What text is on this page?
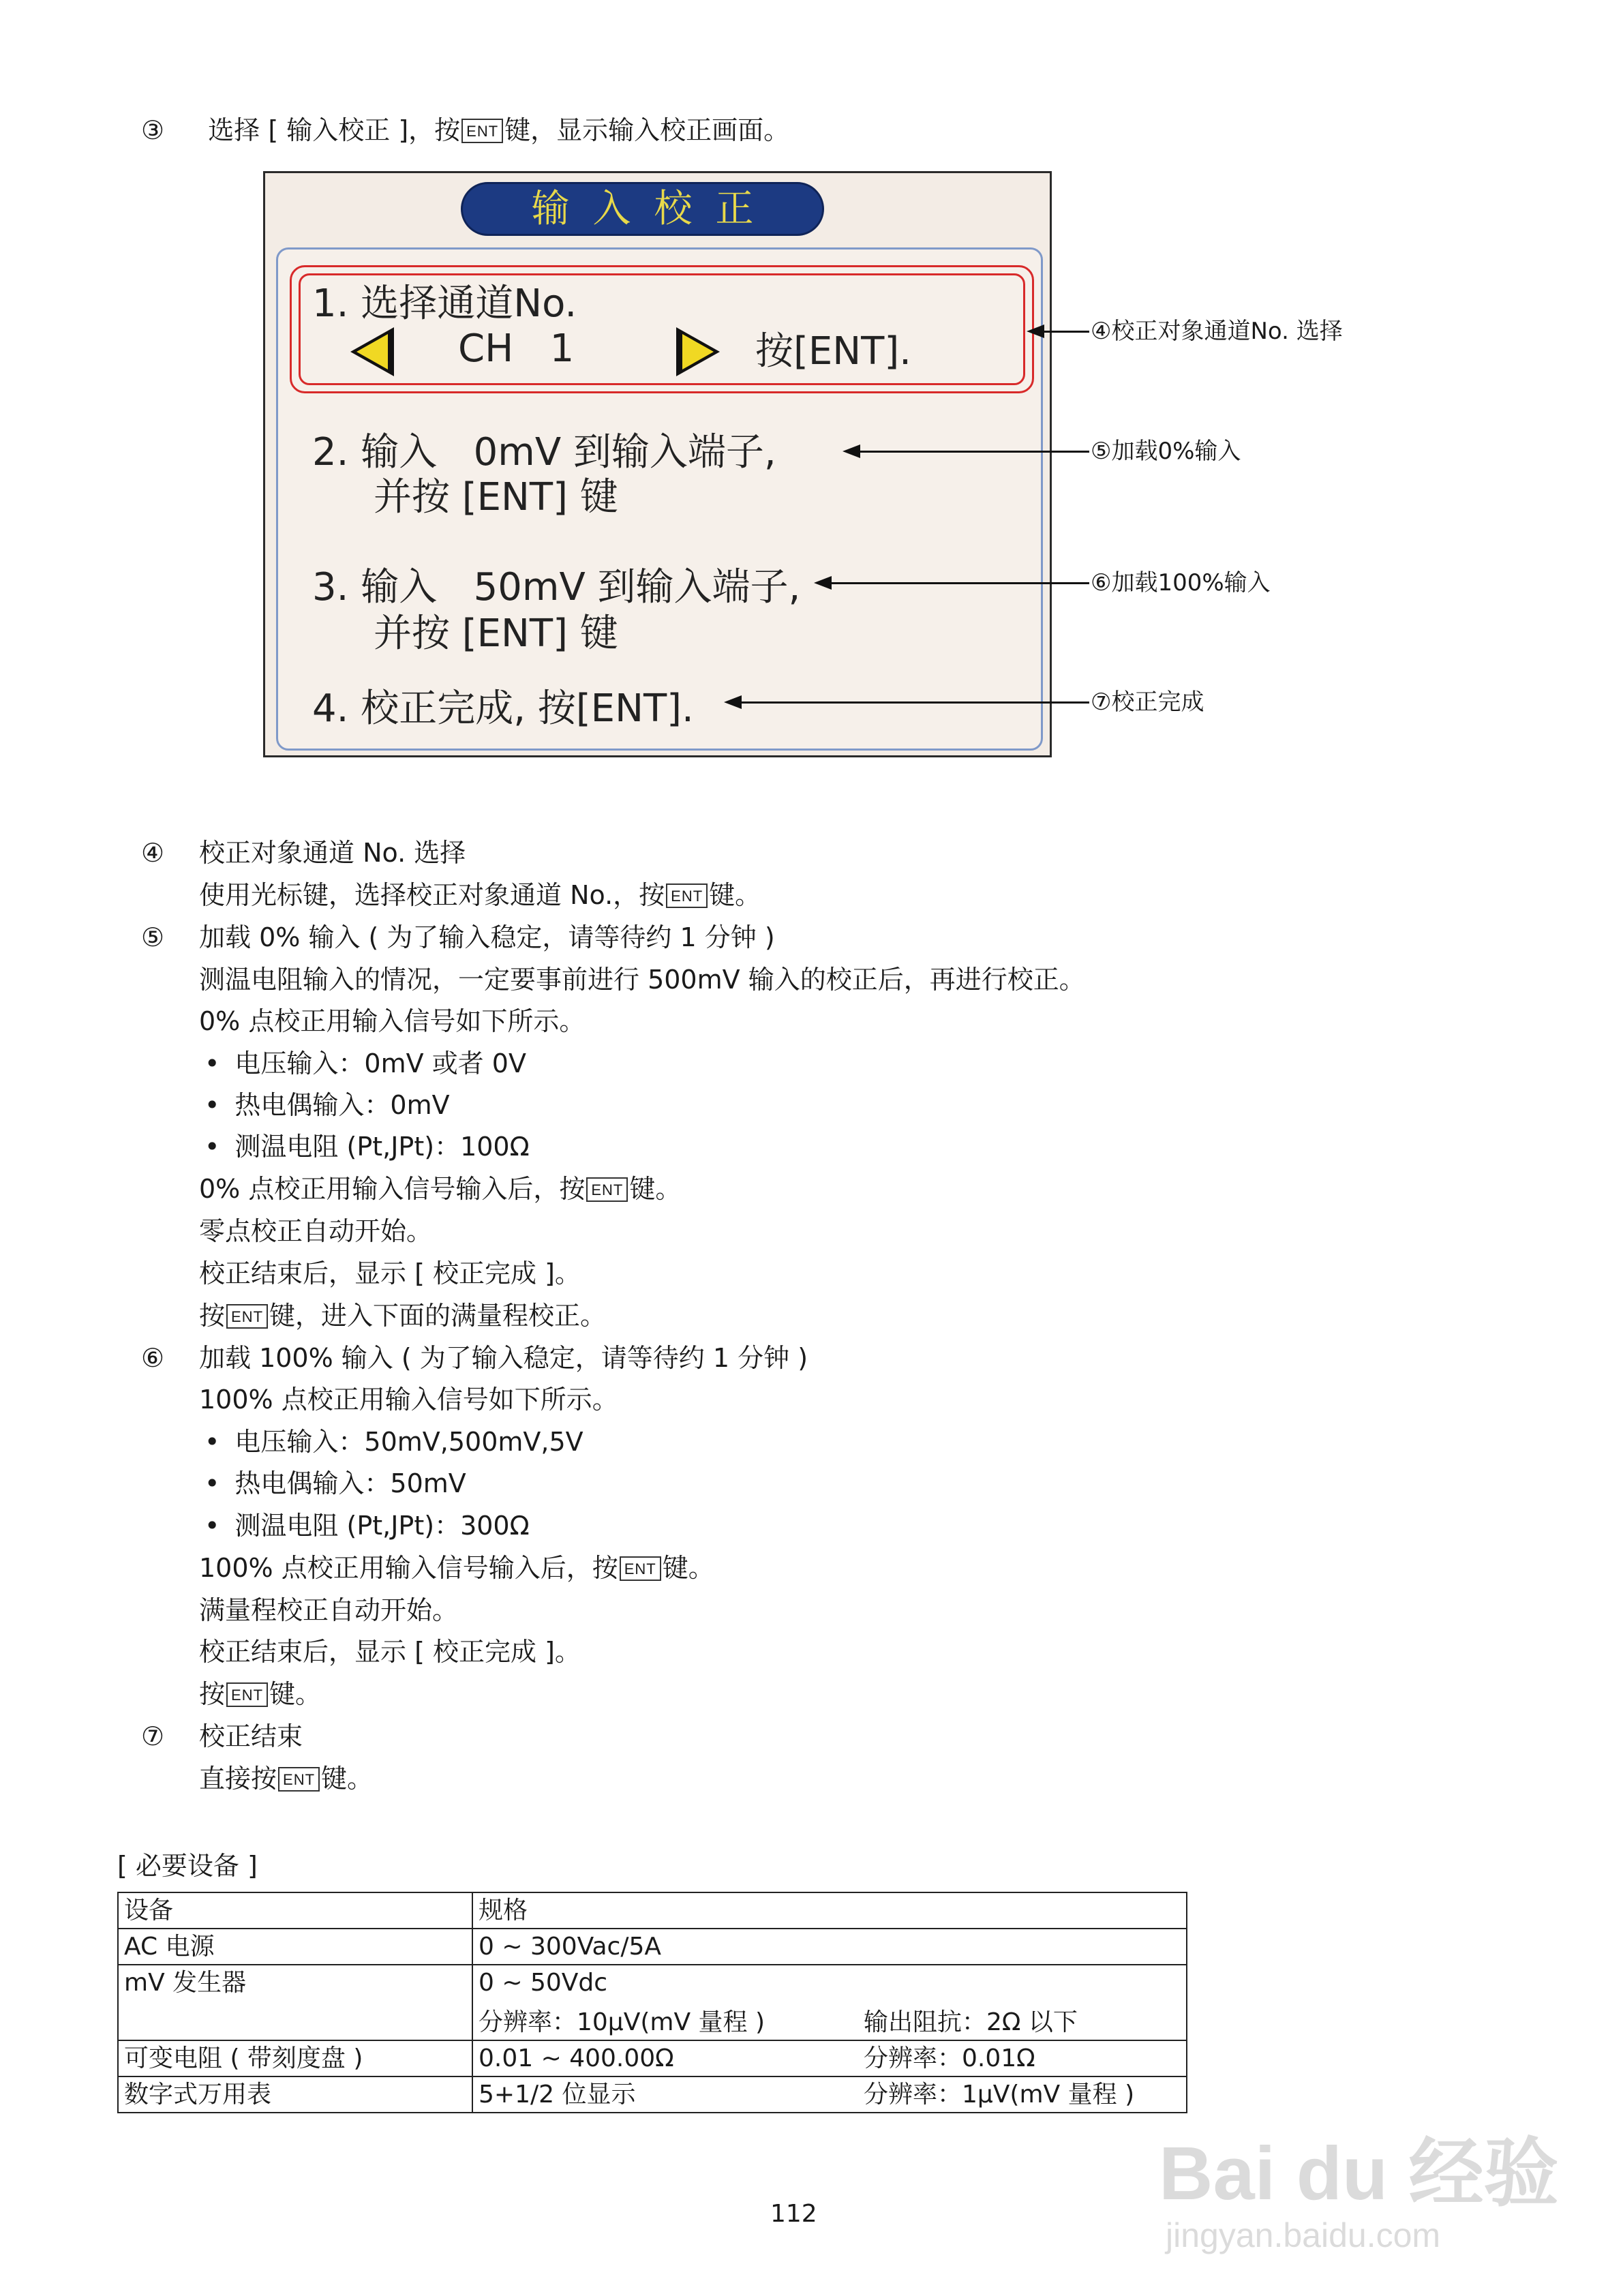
③ 选择 [ 输入校正 ]，按 ENT 键，显示输入校正画面。
输入校正
1. 选择通道No.
CH   1	按[ENT].
2. 输入   0mV 到输入端子,
并按 [ENT] 键
3. 输入   50mV 到输入端子,
并按 [ENT] 键
4. 校正完成, 按[ENT].
④校正对象通道No. 选择
⑤加载0%输入
⑥加载100%输入
⑦校正完成
④ 校正对象通道 No. 选择
使用光标键，选择校正对象通道 No.，按 ENT 键。
⑤ 加载 0% 输入 ( 为了输入稳定，请等待约 1 分钟 )
测温电阻输入的情况，一定要事前进行 500mV 输入的校正后，再进行校正。
0% 点校正用输入信号如下所示。
• 电压输入：0mV 或者 0V
• 热电偶输入：0mV
• 测温电阻 (Pt,JPt)：100Ω
0% 点校正用输入信号输入后，按 ENT 键。
零点校正自动开始。
校正结束后，显示 [ 校正完成 ]。
按 ENT 键，进入下面的满量程校正。
⑥ 加载 100% 输入 ( 为了输入稳定，请等待约 1 分钟 )
100% 点校正用输入信号如下所示。
• 电压输入：50mV,500mV,5V
• 热电偶输入：50mV
• 测温电阻 (Pt,JPt)：300Ω
100% 点校正用输入信号输入后，按 ENT 键。
满量程校正自动开始。
校正结束后，显示 [ 校正完成 ]。
按 ENT 键。
⑦ 校正结束
直接按 ENT 键。
[ 必要设备 ]
设备	规格
AC 电源	0 ~ 300Vac/5A
mV 发生器	0 ~ 50Vdc
分辨率：10μV(mV 量程 ) 输出阻抗：2Ω 以下

可变电阻 ( 带刻度盘 )	0.01 ~ 400.00Ω 分辨率：0.01Ω

数字式万用表	5+1/2 位显示 分辨率：1μV(mV 量程 )
112	Bai du 经验
jingyan.baidu.com
